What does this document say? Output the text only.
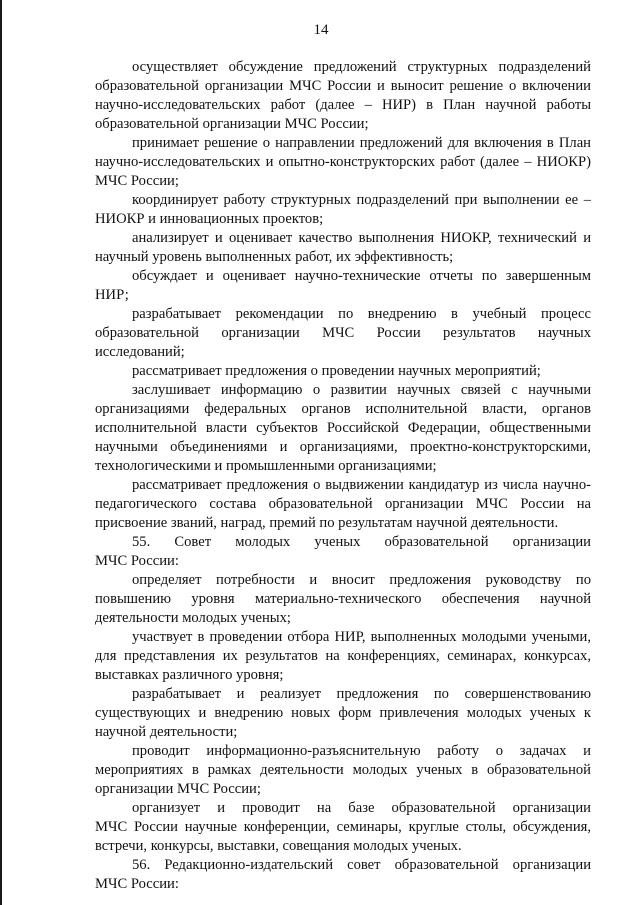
14
осуществляет обсуждение предложений структурных подразделений
образовательной организации МЧС России и выносит решение о включении
научно-исследовательских работ (далее – НИР) в План научной работы
образовательной организации МЧС России;
принимает решение о направлении предложений для включения в План
научно-исследовательских и опытно-конструкторских работ (далее – НИОКР)
МЧС России;
координирует работу структурных подразделений при выполнении ее –
НИОКР и инновационных проектов;
анализирует и оценивает качество выполнения НИОКР, технический и
научный уровень выполненных работ, их эффективность;
обсуждает и оценивает научно-технические отчеты по завершенным
НИР;
разрабатывает рекомендации по внедрению в учебный процесс
образовательной организации МЧС России результатов научных
исследований;
рассматривает предложения о проведении научных мероприятий;
заслушивает информацию о развитии научных связей с научными
организациями федеральных органов исполнительной власти, органов
исполнительной власти субъектов Российской Федерации, общественными
научными объединениями и организациями, проектно-конструкторскими,
технологическими и промышленными организациями;
рассматривает предложения о выдвижении кандидатур из числа научно-
педагогического состава образовательной организации МЧС России на
присвоение званий, наград, премий по результатам научной деятельности.
55. Совет молодых ученых образовательной организации
МЧС России:
определяет потребности и вносит предложения руководству по
повышению уровня материально-технического обеспечения научной
деятельности молодых ученых;
участвует в проведении отбора НИР, выполненных молодыми учеными,
для представления их результатов на конференциях, семинарах, конкурсах,
выставках различного уровня;
разрабатывает и реализует предложения по совершенствованию
существующих и внедрению новых форм привлечения молодых ученых к
научной деятельности;
проводит информационно-разъяснительную работу о задачах и
мероприятиях в рамках деятельности молодых ученых в образовательной
организации МЧС России;
организует и проводит на базе образовательной организации
МЧС России научные конференции, семинары, круглые столы, обсуждения,
встречи, конкурсы, выставки, совещания молодых ученых.
56. Редакционно-издательский совет образовательной организации
МЧС России:
